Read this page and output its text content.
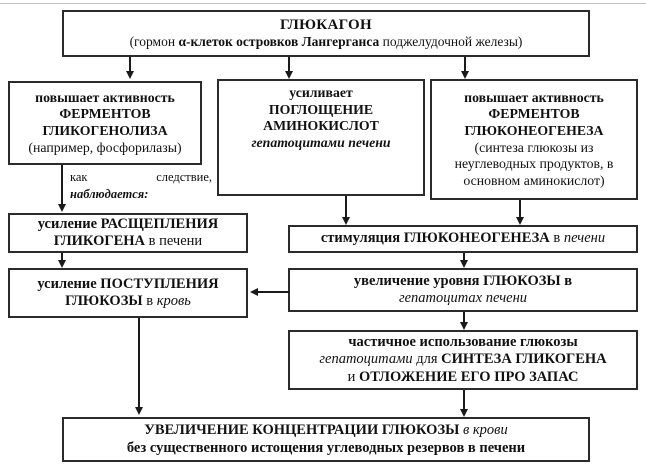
ГЛЮКАГОН
(гормон α-клеток островков Лангерганса поджелудочной железы)
повышает активность
ФЕРМЕНТОВ
ГЛИКОГЕНОЛИЗА
(например, фосфорилазы)
усиливает
ПОГЛОЩЕНИЕ
АМИНОКИСЛОТ
гепатоцитами печени
повышает активность
ФЕРМЕНТОВ
ГЛЮКОНЕОГЕНЕЗА
(синтеза глюкозы из неуглеводных продуктов, в основном аминокислот)
как	следствие,
наблюдается:
усиление РАСЩЕПЛЕНИЯ
ГЛИКОГЕНА в печени
усиление ПОСТУПЛЕНИЯ
ГЛЮКОЗЫ в кровь
стимуляция ГЛЮКОНЕОГЕНЕЗА в печени
увеличение уровня ГЛЮКОЗЫ в
гепатоцитах печени
частичное использование глюкозы
гепатоцитами для СИНТЕЗА ГЛИКОГЕНА
и ОТЛОЖЕНИЕ ЕГО ПРО ЗАПАС
УВЕЛИЧЕНИЕ КОНЦЕНТРАЦИИ ГЛЮКОЗЫ в крови
без существенного истощения углеводных резервов в печени
